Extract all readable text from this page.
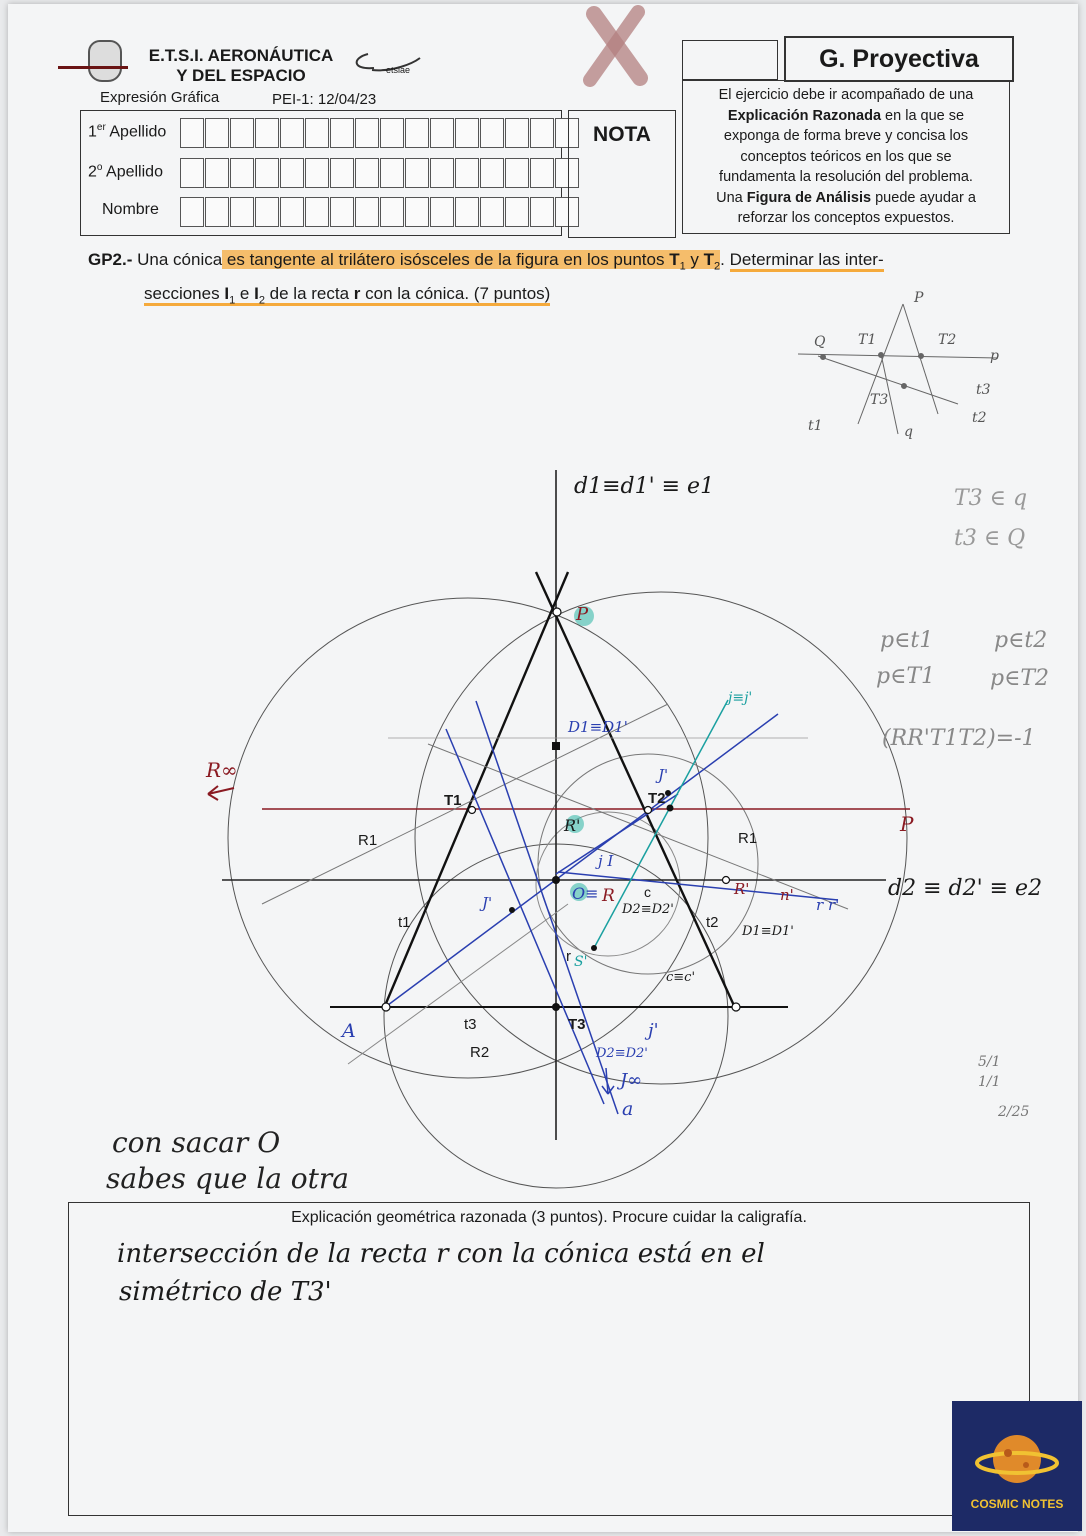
E.T.S.I. AERONÁUTICA
Y DEL ESPACIO	etsiae
Expresión Gráfica	PEI-1: 12/04/23
G. Proyectiva
1er Apellido
2$^o$ Apellido
Nombre
NOTA
El ejercicio debe ir acompañado de una
Explicación Razonada en la que se
exponga de forma breve y concisa los
conceptos teóricos en los que se
fundamenta la resolución del problema.
Una Figura de Análisis puede ayudar a
reforzar los conceptos expuestos.
GP2.- Una cónica es tangente al trilátero isósceles de la figura en los puntos $T_1$ y $T_2$. Determinar las inter-
secciones $I_1$ e $I_2$ de la recta r con la cónica. (7 puntos)
d1≡d1' ≡ e1
d2 ≡ d2' ≡ e2
P
R∞
T1	T2
R1	R1
R2
t1	t2
t3
A	T3
r
R
R'
R'
O≡	c
D1≡D1'
D1≡D1'
D2≡D2'
D2≡D2'
J'
J'
j≡j'
j'
J∞
a
S'
r r'
n'
c≡c'
j I
P
P
Q T1	T2
p
T3
t3
t2
t1	q
T3 ∈ q
t3 ∈ Q
p∈t1	p∈t2
p∈T1 p∈T2
(RR'T1T2)=-1
5/1
1/1
2/25
con sacar O
sabes que la otra
Explicación geométrica razonada (3 puntos). Procure cuidar la caligrafía.
intersección de la recta r con la cónica está en el
simétrico de T3'
COSMIC NOTES
